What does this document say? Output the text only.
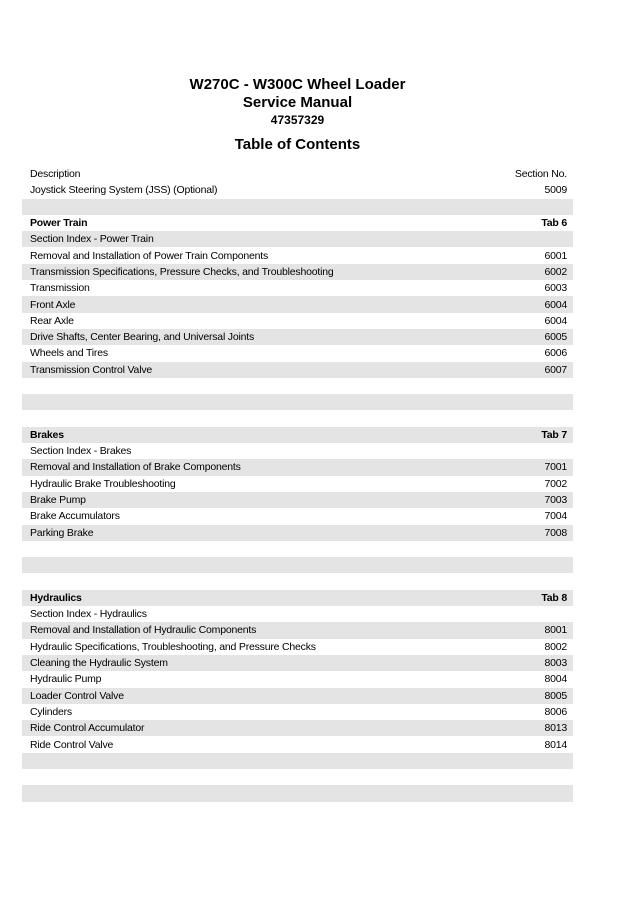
W270C - W300C Wheel Loader
Service Manual
47357329
Table of Contents
Description	Section No.
Joystick Steering System (JSS) (Optional)	5009
Power Train	Tab 6
Section Index - Power Train
Removal and Installation of Power Train Components	6001
Transmission Specifications, Pressure Checks, and Troubleshooting	6002
Transmission	6003
Front Axle	6004
Rear Axle	6004
Drive Shafts, Center Bearing, and Universal Joints	6005
Wheels and Tires	6006
Transmission Control Valve	6007
Brakes	Tab 7
Section Index - Brakes
Removal and Installation of Brake Components	7001
Hydraulic Brake Troubleshooting	7002
Brake Pump	7003
Brake Accumulators	7004
Parking Brake	7008
Hydraulics	Tab 8
Section Index - Hydraulics
Removal and Installation of Hydraulic Components	8001
Hydraulic Specifications, Troubleshooting, and Pressure Checks	8002
Cleaning the Hydraulic System	8003
Hydraulic Pump	8004
Loader Control Valve	8005
Cylinders	8006
Ride Control Accumulator	8013
Ride Control Valve	8014
